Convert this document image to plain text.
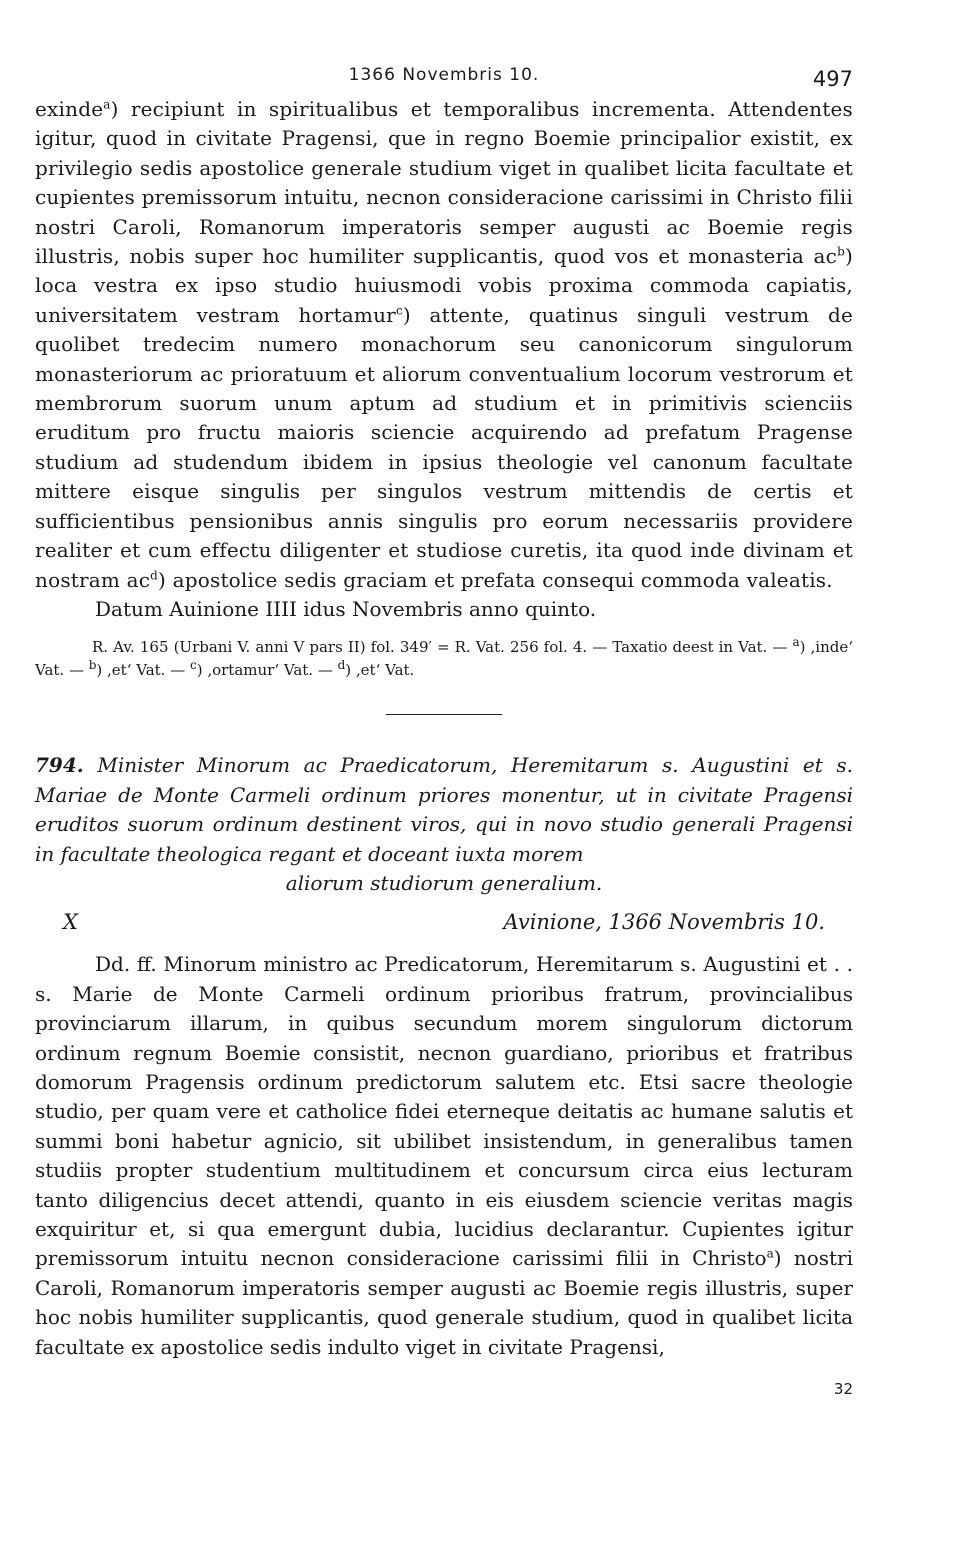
1366 Novembris 10.	497

exinde$^a$) recipiunt in spiritualibus et temporalibus incrementa. Attendentes igitur, quod in civitate Pragensi, que in regno Boemie principalior existit, ex privilegio sedis apostolice generale studium viget in qualibet licita facultate et cupientes premissorum intuitu, necnon consideracione carissimi in Christo filii nostri Caroli, Romanorum imperatoris semper augusti ac Boemie regis illustris, nobis super hoc humiliter supplicantis, quod vos et monasteria $ac^b$) loca vestra ex ipso studio huiusmodi vobis proxima commoda capiatis, universitatem vestram hortamur$^c$) attente, quatinus singuli vestrum de quolibet tredecim numero monachorum seu canonicorum singulorum monasteriorum ac prioratuum et aliorum conventualium locorum vestrorum et membrorum suorum unum aptum ad studium et in primitivis scienciis eruditum pro fructu maioris sciencie acquirendo ad prefatum Pragense studium ad studendum ibidem in ipsius theologie vel canonum facultate mittere eisque singulis per singulos vestrum mittendis de certis et sufficientibus pensionibus annis singulis pro eorum necessariis providere realiter et cum effectu diligenter et studiose curetis, ita quod inde divinam et nostram $ac^d$) apostolice sedis graciam et prefata consequi commoda valeatis.

Datum Auinione IIII idus Novembris anno quinto.

R. Av. 165 (Urbani V. anni V pars II) fol. 349′ = R. Vat. 256 fol. 4. — Taxatio deest in Vat. — $^a$) ‚inde‘ Vat. — $^b$) ‚et‘ Vat. — $^c$) ‚ortamur‘ Vat. — $^d$) ‚et‘ Vat.

794. Minister Minorum ac Praedicatorum, Heremitarum s. Augustini et s. Mariae de Monte Carmeli ordinum priores monentur, ut in civitate Pragensi eruditos suorum ordinum destinent viros, qui in novo studio generali Pragensi in facultate theologica regant et doceant iuxta morem
aliorum studiorum generalium.

X	Avinione, 1366 Novembris 10.

Dd. ff. Minorum ministro ac Predicatorum, Heremitarum s. Augustini et . . s. Marie de Monte Carmeli ordinum prioribus fratrum, provincialibus provinciarum illarum, in quibus secundum morem singulorum dictorum ordinum regnum Boemie consistit, necnon guardiano, prioribus et fratribus domorum Pragensis ordinum predictorum salutem etc. Etsi sacre theologie studio, per quam vere et catholice fidei eterneque deitatis ac humane salutis et summi boni habetur agnicio, sit ubilibet insistendum, in generalibus tamen studiis propter studentium multitudinem et concursum circa eius lecturam tanto diligencius decet attendi, quanto in eis eiusdem sciencie veritas magis exquiritur et, si qua emergunt dubia, lucidius declarantur. Cupientes igitur premissorum intuitu necnon consideracione carissimi filii in Christo$^a$) nostri Caroli, Romanorum imperatoris semper augusti ac Boemie regis illustris, super hoc nobis humiliter supplicantis, quod generale studium, quod in qualibet licita facultate ex apostolice sedis indulto viget in civitate Pragensi,

32
